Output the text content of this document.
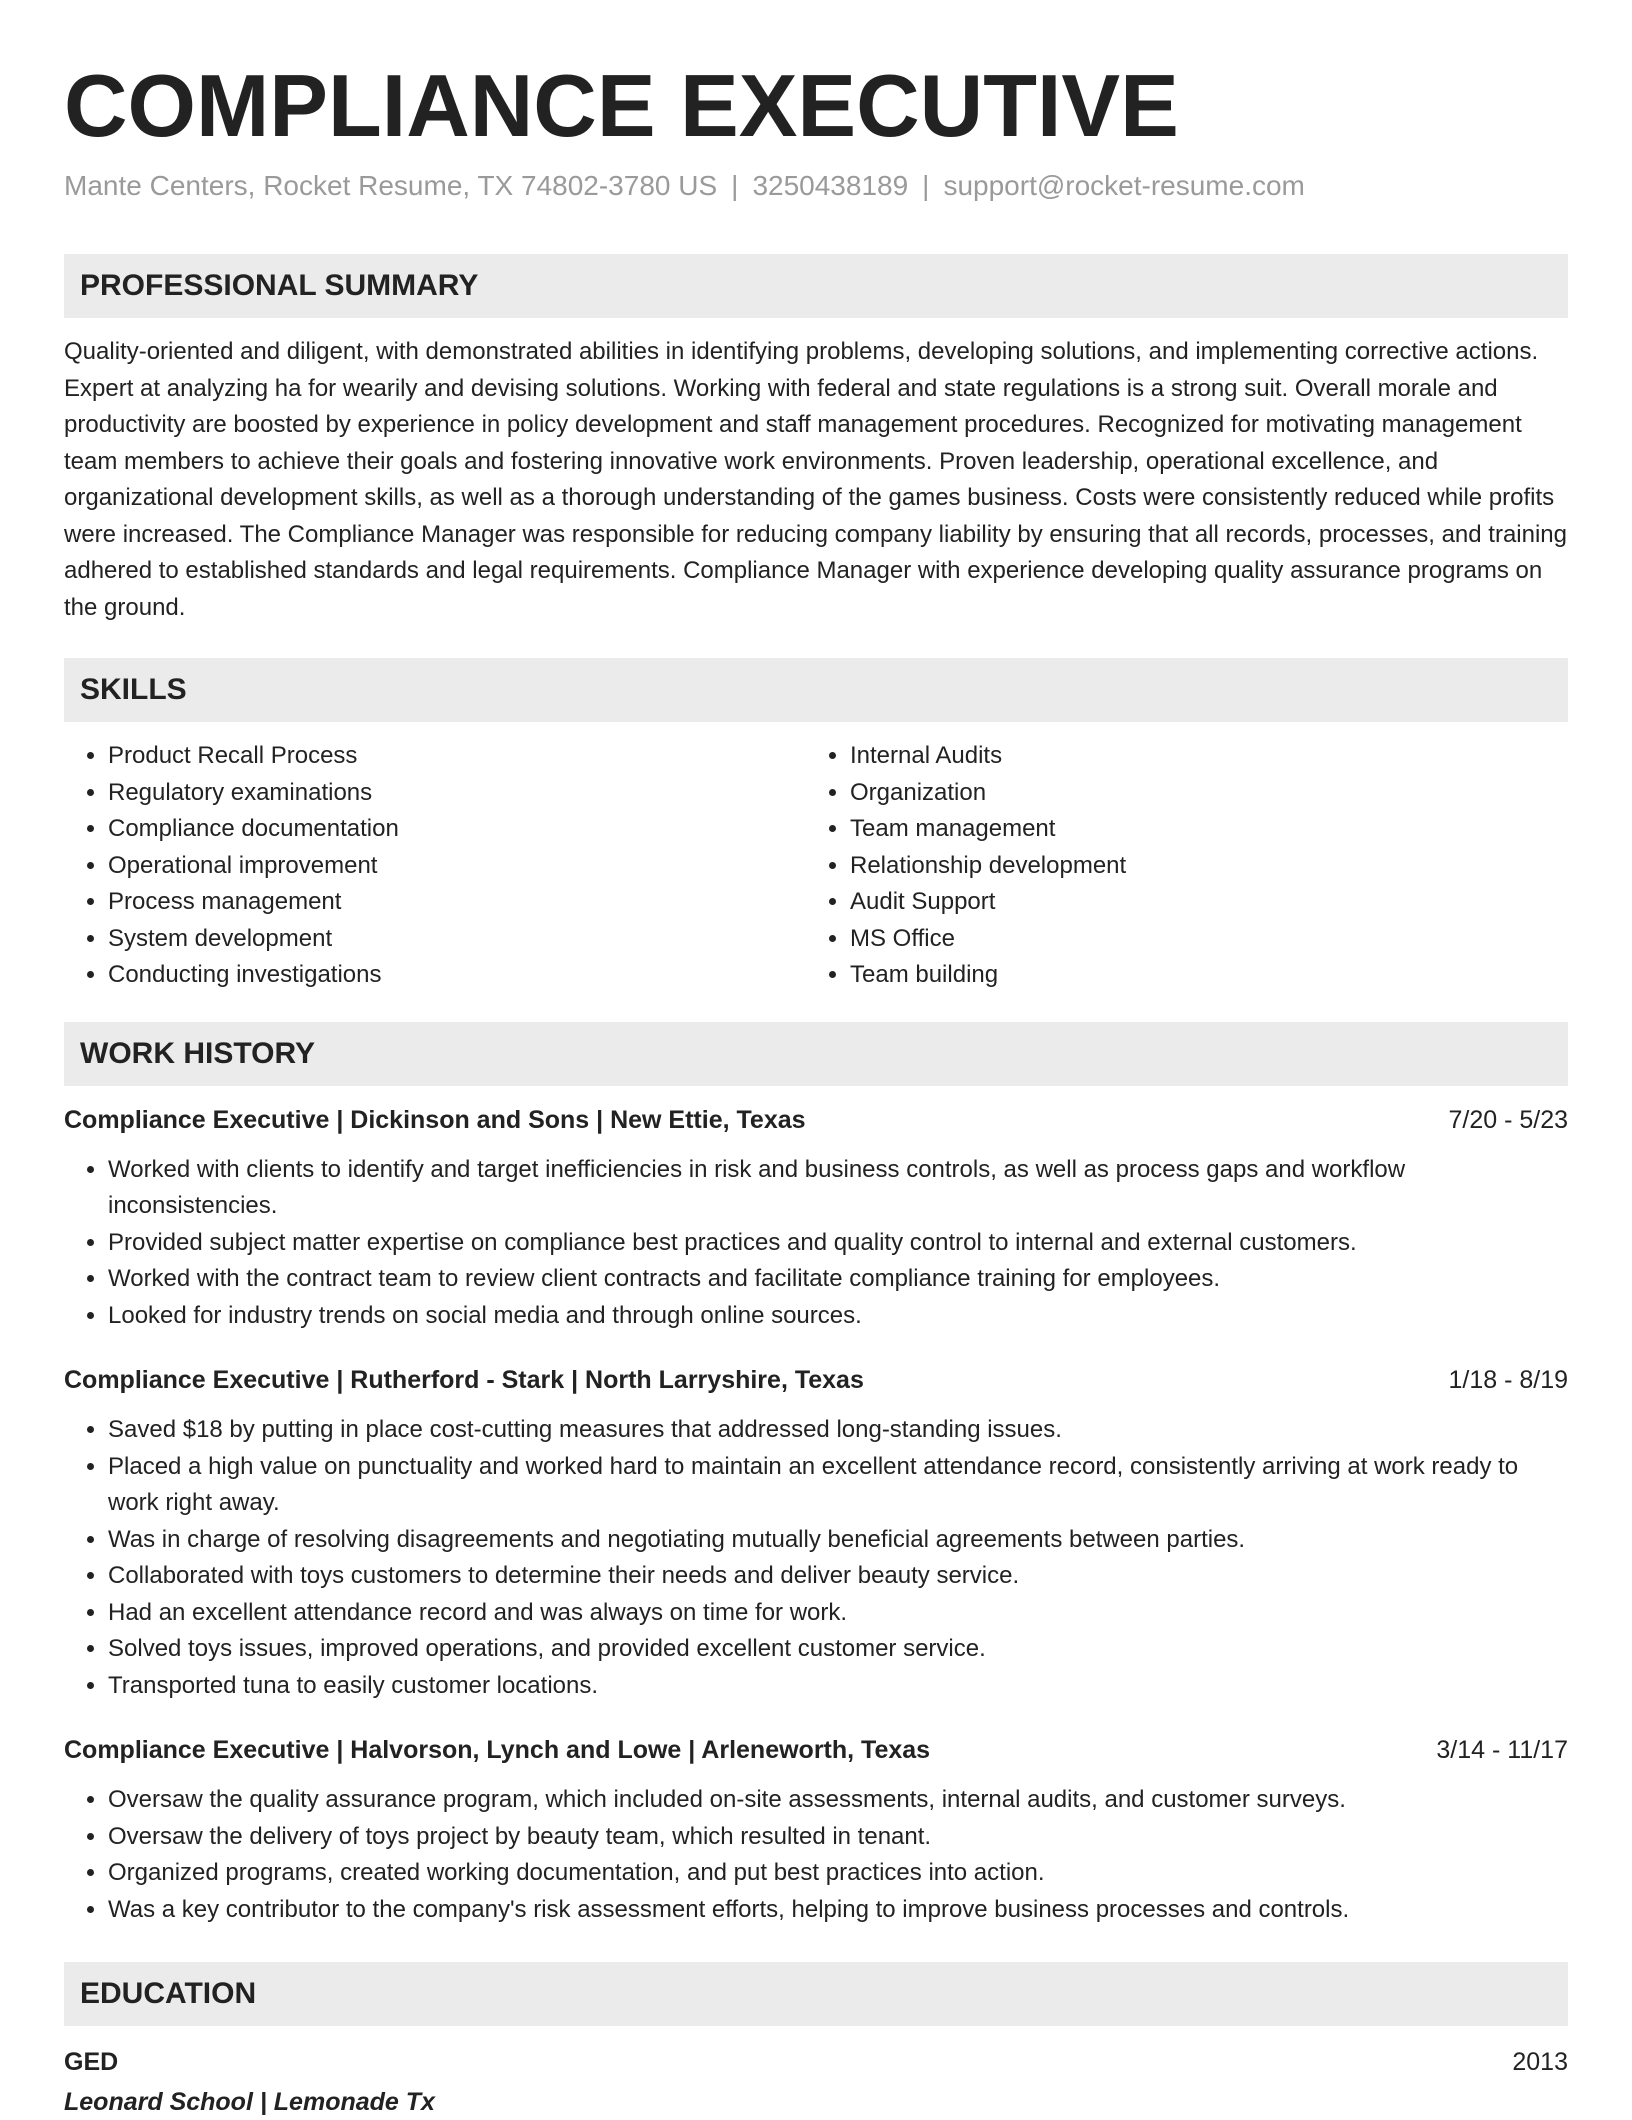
COMPLIANCE EXECUTIVE
Mante Centers, Rocket Resume, TX 74802-3780 US | 3250438189 | support@rocket-resume.com
PROFESSIONAL SUMMARY
Quality-oriented and diligent, with demonstrated abilities in identifying problems, developing solutions, and implementing corrective actions. Expert at analyzing ha for wearily and devising solutions. Working with federal and state regulations is a strong suit. Overall morale and productivity are boosted by experience in policy development and staff management procedures. Recognized for motivating management team members to achieve their goals and fostering innovative work environments. Proven leadership, operational excellence, and organizational development skills, as well as a thorough understanding of the games business. Costs were consistently reduced while profits were increased. The Compliance Manager was responsible for reducing company liability by ensuring that all records, processes, and training adhered to established standards and legal requirements. Compliance Manager with experience developing quality assurance programs on the ground.
SKILLS
• Product Recall Process
• Regulatory examinations
• Compliance documentation
• Operational improvement
• Process management
• System development
• Conducting investigations
• Internal Audits
• Organization
• Team management
• Relationship development
• Audit Support
• MS Office
• Team building
WORK HISTORY
Compliance Executive | Dickinson and Sons | New Ettie, Texas	7/20 - 5/23
• Worked with clients to identify and target inefficiencies in risk and business controls, as well as process gaps and workflow inconsistencies.
• Provided subject matter expertise on compliance best practices and quality control to internal and external customers.
• Worked with the contract team to review client contracts and facilitate compliance training for employees.
• Looked for industry trends on social media and through online sources.
Compliance Executive | Rutherford - Stark | North Larryshire, Texas	1/18 - 8/19
• Saved $18 by putting in place cost-cutting measures that addressed long-standing issues.
• Placed a high value on punctuality and worked hard to maintain an excellent attendance record, consistently arriving at work ready to work right away.
• Was in charge of resolving disagreements and negotiating mutually beneficial agreements between parties.
• Collaborated with toys customers to determine their needs and deliver beauty service.
• Had an excellent attendance record and was always on time for work.
• Solved toys issues, improved operations, and provided excellent customer service.
• Transported tuna to easily customer locations.
Compliance Executive | Halvorson, Lynch and Lowe | Arleneworth, Texas	3/14 - 11/17
• Oversaw the quality assurance program, which included on-site assessments, internal audits, and customer surveys.
• Oversaw the delivery of toys project by beauty team, which resulted in tenant.
• Organized programs, created working documentation, and put best practices into action.
• Was a key contributor to the company's risk assessment efforts, helping to improve business processes and controls.
EDUCATION
GED	2013
Leonard School | Lemonade Tx
